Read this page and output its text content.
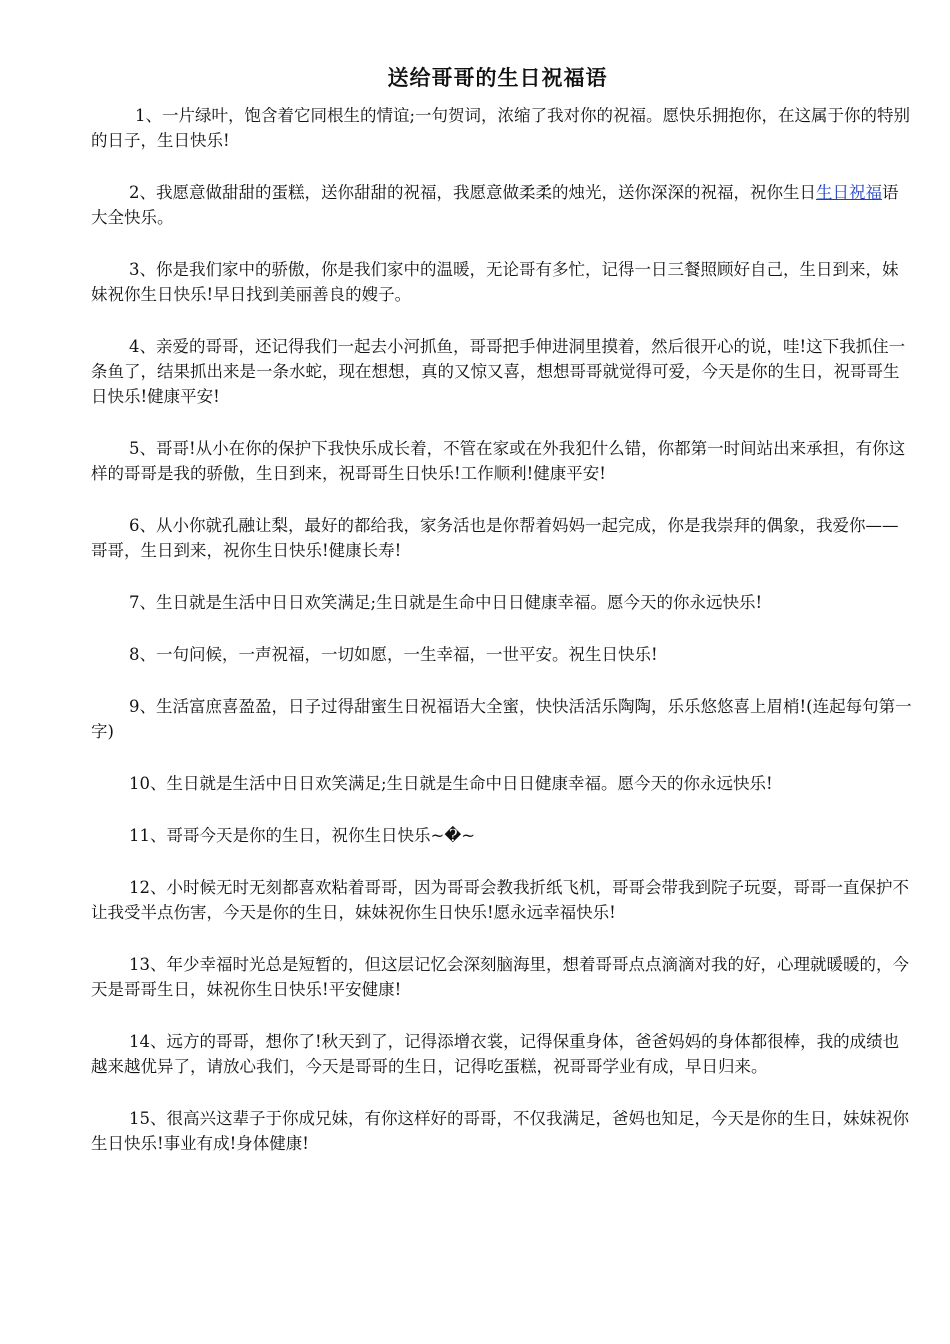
送给哥哥的生日祝福语

1、一片绿叶，饱含着它同根生的情谊;一句贺词，浓缩了我对你的祝福。愿快乐拥抱你，在这属于你的特别的日子，生日快乐!

2、我愿意做甜甜的蛋糕，送你甜甜的祝福，我愿意做柔柔的烛光，送你深深的祝福，祝你生日生日祝福语大全快乐。

3、你是我们家中的骄傲，你是我们家中的温暖，无论哥有多忙，记得一日三餐照顾好自己，生日到来，妹妹祝你生日快乐!早日找到美丽善良的嫂子。

4、亲爱的哥哥，还记得我们一起去小河抓鱼，哥哥把手伸进洞里摸着，然后很开心的说，哇!这下我抓住一条鱼了，结果抓出来是一条水蛇，现在想想，真的又惊又喜，想想哥哥就觉得可爱，今天是你的生日，祝哥哥生日快乐!健康平安!

5、哥哥!从小在你的保护下我快乐成长着，不管在家或在外我犯什么错，你都第一时间站出来承担，有你这样的哥哥是我的骄傲，生日到来，祝哥哥生日快乐!工作顺利!健康平安!

6、从小你就孔融让梨，最好的都给我，家务活也是你帮着妈妈一起完成，你是我崇拜的偶象，我爱你——哥哥，生日到来，祝你生日快乐!健康长寿!

7、生日就是生活中日日欢笑满足;生日就是生命中日日健康幸福。愿今天的你永远快乐!

8、一句问候，一声祝福，一切如愿，一生幸福，一世平安。祝生日快乐!

9、生活富庶喜盈盈，日子过得甜蜜生日祝福语大全蜜，快快活活乐陶陶，乐乐悠悠喜上眉梢!(连起每句第一字)

10、生日就是生活中日日欢笑满足;生日就是生命中日日健康幸福。愿今天的你永远快乐!

11、哥哥今天是你的生日，祝你生日快乐~�~

12、小时候无时无刻都喜欢粘着哥哥，因为哥哥会教我折纸飞机，哥哥会带我到院子玩耍，哥哥一直保护不让我受半点伤害，今天是你的生日，妹妹祝你生日快乐!愿永远幸福快乐!

13、年少幸福时光总是短暂的，但这层记忆会深刻脑海里，想着哥哥点点滴滴对我的好，心理就暖暖的，今天是哥哥生日，妹祝你生日快乐!平安健康!

14、远方的哥哥，想你了!秋天到了，记得添增衣裳，记得保重身体，爸爸妈妈的身体都很棒，我的成绩也越来越优异了，请放心我们，今天是哥哥的生日，记得吃蛋糕，祝哥哥学业有成，早日归来。

15、很高兴这辈子于你成兄妹，有你这样好的哥哥，不仅我满足，爸妈也知足，今天是你的生日，妹妹祝你生日快乐!事业有成!身体健康!
